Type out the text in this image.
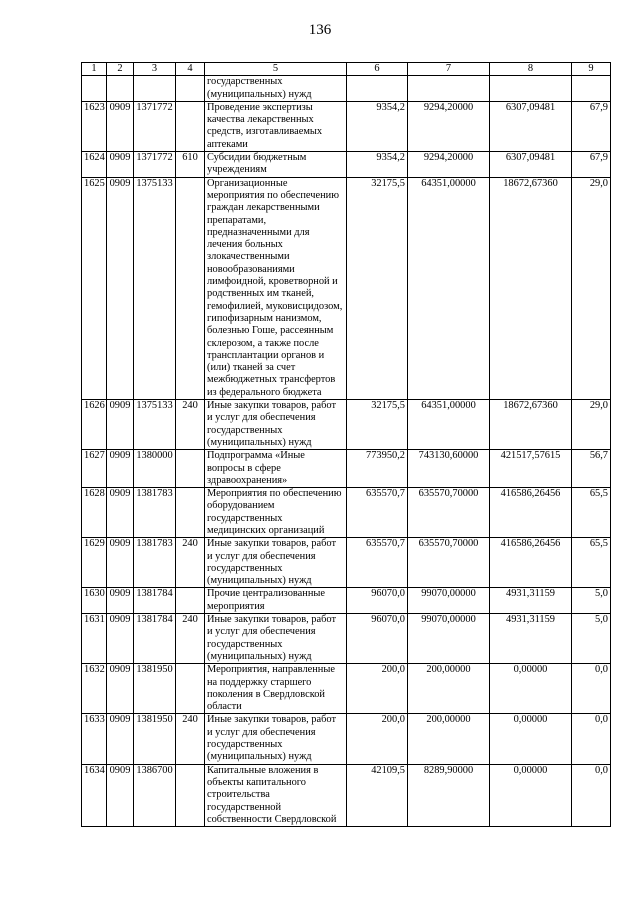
136
1	2	3	4	5	6	7	8	9
				государственных (муниципальных) нужд				
1623	0909	1371772		Проведение экспертизы качества лекарственных средств, изготавливаемых аптеками	9354,2	9294,20000	6307,09481	67,9
1624	0909	1371772	610	Субсидии бюджетным учреждениям	9354,2	9294,20000	6307,09481	67,9
1625	0909	1375133		Организационные мероприятия по обеспечению граждан лекарственными препаратами, предназначенными для лечения больных злокачественными новообразованиями лимфоидной, кроветворной и родственных им тканей, гемофилией, муковисцидозом, гипофизарным нанизмом, болезнью Гоше, рассеянным склерозом, а также после трансплантации органов и (или) тканей за счет межбюджетных трансфертов из федерального бюджета	32175,5	64351,00000	18672,67360	29,0
1626	0909	1375133	240	Иные закупки товаров, работ и услуг для обеспечения государственных (муниципальных) нужд	32175,5	64351,00000	18672,67360	29,0
1627	0909	1380000		Подпрограмма «Иные вопросы в сфере здравоохранения»	773950,2	743130,60000	421517,57615	56,7
1628	0909	1381783		Мероприятия по обеспечению оборудованием государственных медицинских организаций	635570,7	635570,70000	416586,26456	65,5
1629	0909	1381783	240	Иные закупки товаров, работ и услуг для обеспечения государственных (муниципальных) нужд	635570,7	635570,70000	416586,26456	65,5
1630	0909	1381784		Прочие централизованные мероприятия	96070,0	99070,00000	4931,31159	5,0
1631	0909	1381784	240	Иные закупки товаров, работ и услуг для обеспечения государственных (муниципальных) нужд	96070,0	99070,00000	4931,31159	5,0
1632	0909	1381950		Мероприятия, направленные на поддержку старшего поколения в Свердловской области	200,0	200,00000	0,00000	0,0
1633	0909	1381950	240	Иные закупки товаров, работ и услуг для обеспечения государственных (муниципальных) нужд	200,0	200,00000	0,00000	0,0
1634	0909	1386700		Капитальные вложения в объекты капитального строительства государственной собственности Свердловской	42109,5	8289,90000	0,00000	0,0
